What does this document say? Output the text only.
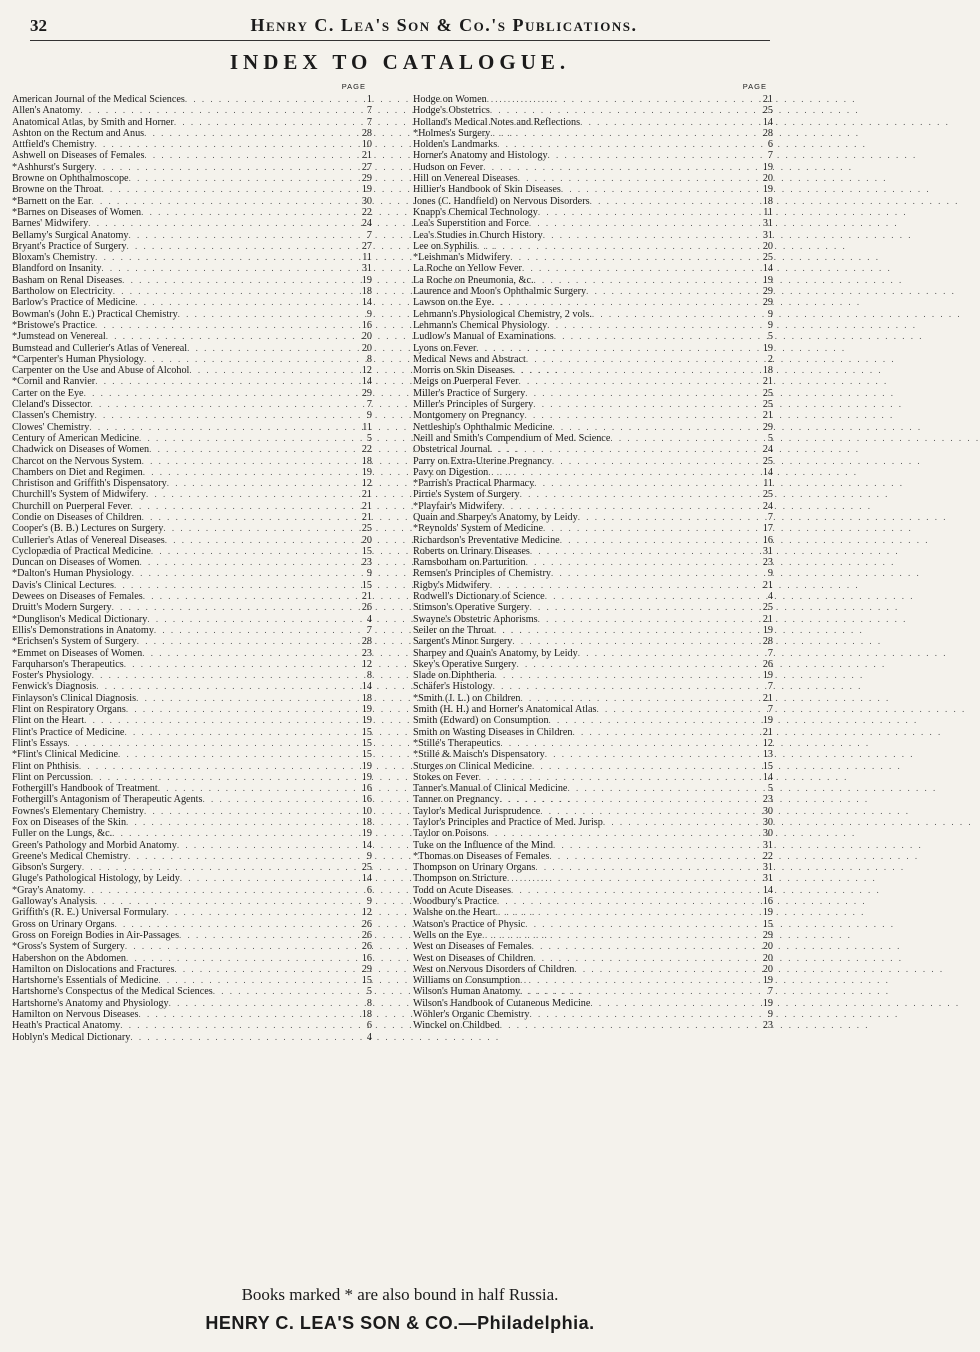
32	Henry C. Lea's Son & Co.'s Publications.
INDEX TO CATALOGUE.
PAGE
American Journal of the Medical Sciences . . .	1
Allen's Anatomy . . .	7
Anatomical Atlas, by Smith and Horner . . .	7
Ashton on the Rectum and Anus . . .	28
Attfield's Chemistry . . .	10
Ashwell on Diseases of Females . . .	21
*Ashhurst's Surgery . . .	27
Browne on Ophthalmoscope . . .	29
Browne on the Throat . . .	19
*Barnett on the Ear . . .	30
*Barnes on Diseases of Women . . .	22
Barnes' Midwifery . . .	24
Bellamy's Surgical Anatomy . . .	7
Bryant's Practice of Surgery . . .	27
Bloxam's Chemistry . . .	11
Blandford on Insanity . . .	31
Basham on Renal Diseases . . .	19
Bartholow on Electricity . . .	18
Barlow's Practice of Medicine . . .	14
Bowman's (John E.) Practical Chemistry . . .	9
*Bristowe's Practice . . .	16
*Jumstead on Venereal . . .	20
Bumstead and Cullerier's Atlas of Venereal . . .	20
*Carpenter's Human Physiology . . .	8
Carpenter on the Use and Abuse of Alcohol . . .	12
*Cornil and Ranvier . . .	14
Carter on the Eye . . .	29
Cleland's Dissector . . .	7
Classen's Chemistry . . .	9
Clowes' Chemistry . . .	11
Century of American Medicine . . .	5
Chadwick on Diseases of Women . . .	22
Charcot on the Nervous System . . .	18
Chambers on Diet and Regimen . . .	19
Christison and Griffith's Dispensatory . . .	12
Churchill's System of Midwifery . . .	21
Churchill on Puerperal Fever . . .	21
Condie on Diseases of Children . . .	21
Cooper's (B. B.) Lectures on Surgery . . .	25
Cullerier's Atlas of Venereal Diseases . . .	20
Cyclopædia of Practical Medicine . . .	15
Duncan on Diseases of Women . . .	23
*Dalton's Human Physiology . . .	9
Davis's Clinical Lectures . . .	15
Dewees on Diseases of Females . . .	21
Druitt's Modern Surgery . . .	26
*Dunglison's Medical Dictionary . . .	4
Ellis's Demonstrations in Anatomy . . .	7
*Erichsen's System of Surgery . . .	28
*Emmet on Diseases of Women . . .	23
Farquharson's Therapeutics . . .	12
Foster's Physiology . . .	8
Fenwick's Diagnosis . . .	14
Finlayson's Clinical Diagnosis . . .	18
Flint on Respiratory Organs . . .	19
Flint on the Heart . . .	19
Flint's Practice of Medicine . . .	15
Flint's Essays . . .	15
*Flint's Clinical Medicine . . .	15
Flint on Phthisis . . .	19
Flint on Percussion . . .	19
Fothergill's Handbook of Treatment . . .	16
Fothergill's Antagonism of Therapeutic Agents . . .	16
Fownes's Elementary Chemistry . . .	10
Fox on Diseases of the Skin . . .	18
Fuller on the Lungs, &c. . . .	19
Green's Pathology and Morbid Anatomy . . .	14
Greene's Medical Chemistry . . .	9
Gibson's Surgery . . .	25
Gluge's Pathological Histology, by Leidy . . .	14
*Gray's Anatomy . . .	6
Galloway's Analysis . . .	9
Griffith's (R. E.) Universal Formulary . . .	12
Gross on Urinary Organs . . .	26
Gross on Foreign Bodies in Air-Passages . . .	26
*Gross's System of Surgery . . .	26
Habershon on the Abdomen . . .	16
Hamilton on Dislocations and Fractures . . .	29
Hartshorne's Essentials of Medicine . . .	15
Hartshorne's Conspectus of the Medical Sciences . . .	5
Hartshorne's Anatomy and Physiology . . .	8
Hamilton on Nervous Diseases . . .	18
Heath's Practical Anatomy . . .	6
Hoblyn's Medical Dictionary . . .	4
PAGE
Hodge on Women . . .	21
Hodge's Obstetrics . . .	25
Holland's Medical Notes and Reflections . . .	14
*Holmes's Surgery . . .	28
Holden's Landmarks . . .	6
Horner's Anatomy and Histology . . .	7
Hudson on Fever . . .	19
Hill on Venereal Diseases . . .	20
Hillier's Handbook of Skin Diseases . . .	19
Jones (C. Handfield) on Nervous Disorders . . .	18
Knapp's Chemical Technology . . .	11
Lea's Superstition and Force . . .	31
Lea's Studies in Church History . . .	31
Lee on Syphilis . . .	20
*Leishman's Midwifery . . .	25
La Roche on Yellow Fever . . .	14
La Roche on Pneumonia, &c. . . .	19
Laurence and Moon's Ophthalmic Surgery . . .	29
Lawson on the Eye . . .	29
Lehmann's Physiological Chemistry, 2 vols. . . .	9
Lehmann's Chemical Physiology . . .	9
Ludlow's Manual of Examinations . . .	5
Lyons on Fever . . .	19
Medical News and Abstract . . .	2
Morris on Skin Diseases . . .	18
Meigs on Puerperal Fever . . .	21
Miller's Practice of Surgery . . .	25
Miller's Principles of Surgery . . .	25
Montgomery on Pregnancy . . .	21
Nettleship's Ophthalmic Medicine . . .	29
Neill and Smith's Compendium of Med. Science . . .	5
Obstetrical Journal . . .	24
Parry on Extra-Uterine Pregnancy . . .	25
Pavy on Digestion . . .	14
*Parrish's Practical Pharmacy . . .	11
Pirrie's System of Surgery . . .	25
*Playfair's Midwifery . . .	24
Quain and Sharpey's Anatomy, by Leidy . . .	7
*Reynolds' System of Medicine . . .	17
Richardson's Preventative Medicine . . .	16
Roberts on Urinary Diseases . . .	31
Ramsbotham on Parturition . . .	23
Remsen's Principles of Chemistry . . .	9
Rigby's Midwifery . . .	21
Rodwell's Dictionary of Science . . .	4
Stimson's Operative Surgery . . .	25
Swayne's Obstetric Aphorisms . . .	21
Seiler on the Throat . . .	19
Sargent's Minor Surgery . . .	28
Sharpey and Quain's Anatomy, by Leidy . . .	7
Skey's Operative Surgery . . .	26
Slade on Diphtheria . . .	19
Schäfer's Histology . . .	7
*Smith (J. L.) on Children . . .	21
Smith (H. H.) and Horner's Anatomical Atlas . . .	7
Smith (Edward) on Consumption . . .	19
Smith on Wasting Diseases in Children . . .	21
*Stillé's Therapeutics . . .	12
*Stillé & Maisch's Dispensatory . . .	13
Sturges on Clinical Medicine . . .	15
Stokes on Fever . . .	14
Tanner's Manual of Clinical Medicine . . .	5
Tanner on Pregnancy . . .	23
Taylor's Medical Jurisprudence . . .	30
Taylor's Principles and Practice of Med. Jurisp . . .	30
Taylor on Poisons . . .	30
Tuke on the Influence of the Mind . . .	31
*Thomas on Diseases of Females . . .	22
Thompson on Urinary Organs . . .	31
Thompson on Stricture . . .	31
Todd on Acute Diseases . . .	14
Woodbury's Practice . . .	16
Walshe on the Heart . . .	19
Watson's Practice of Physic . . .	15
Wells on the Eye . . .	29
West on Diseases of Females . . .	20
West on Diseases of Children . . .	20
West on Nervous Disorders of Children . . .	20
Williams on Consumption . . .	19
Wilson's Human Anatomy . . .	7
Wilson's Handbook of Cutaneous Medicine . . .	19
Wöhler's Organic Chemistry . . .	9
Winckel on Childbed . . .	23
Books marked * are also bound in half Russia.
HENRY C. LEA'S SON & CO.—Philadelphia.
